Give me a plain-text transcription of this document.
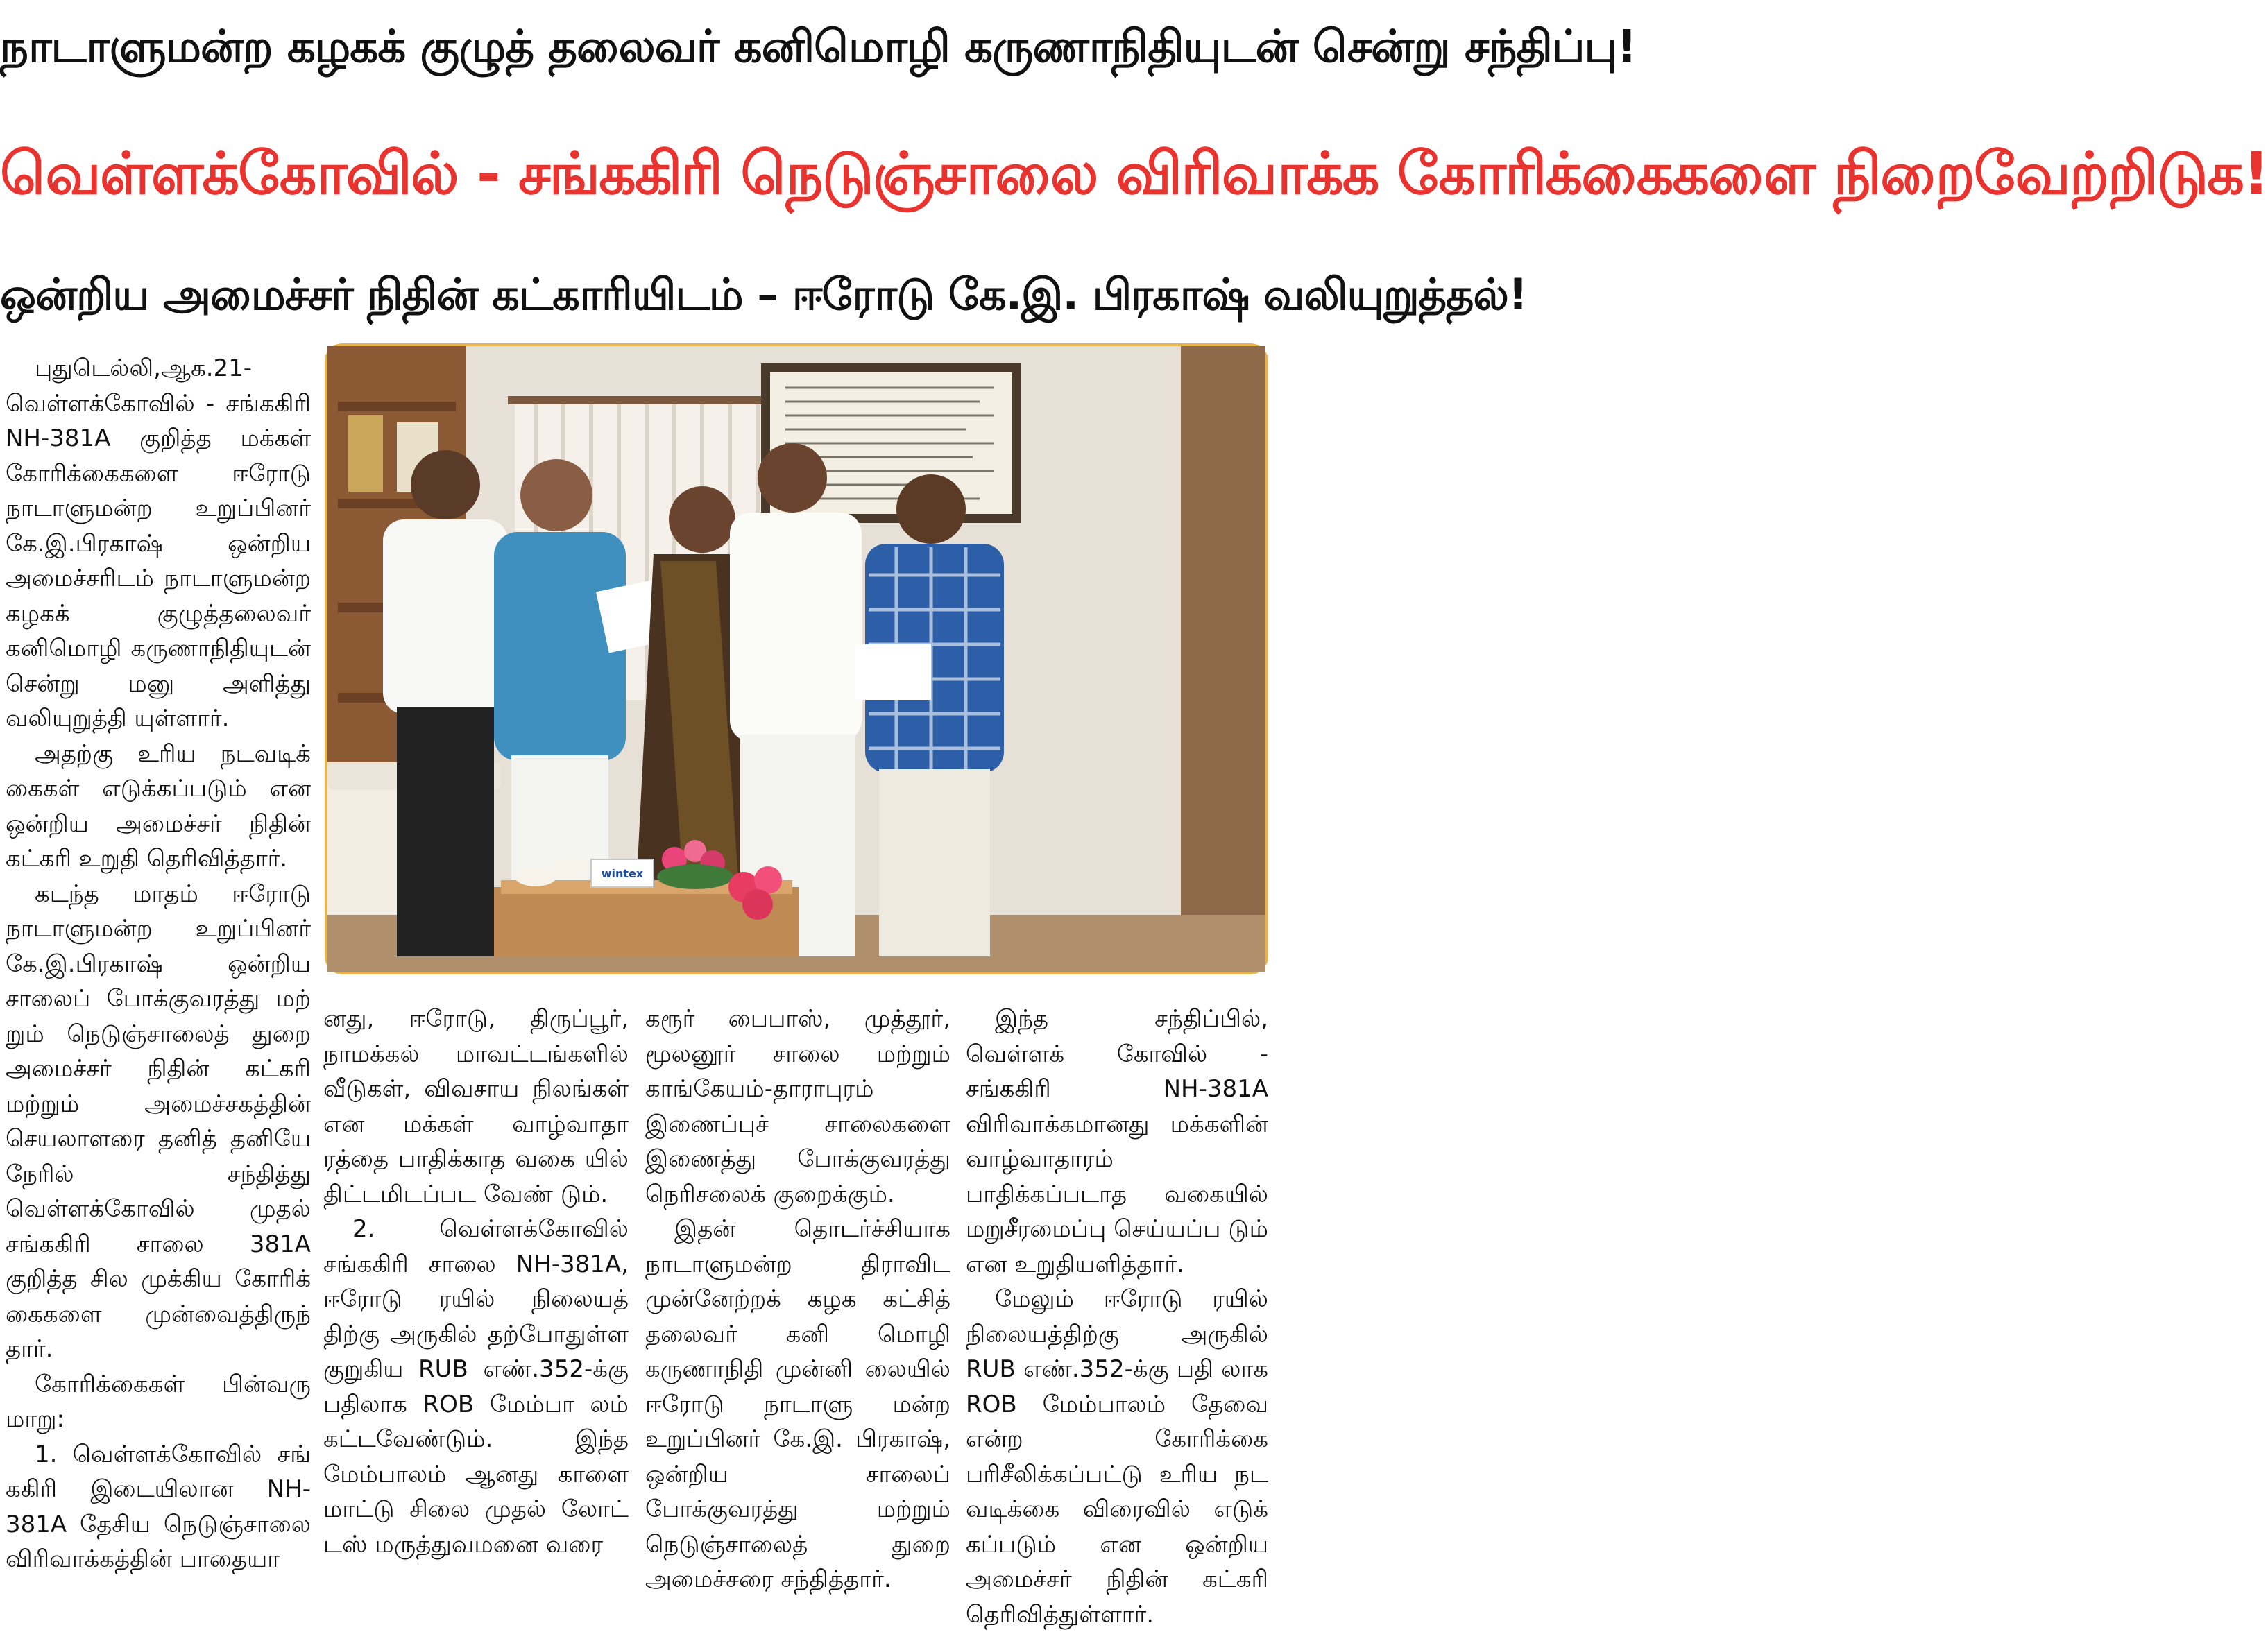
நாடாளுமன்ற கழகக் குழுத் தலைவர் கனிமொழி கருணாநிதியுடன் சென்று சந்திப்பு!
வெள்ளக்கோவில் - சங்ககிரி நெடுஞ்சாலை விரிவாக்க கோரிக்கைகளை நிறைவேற்றிடுக!
ஒன்றிய அமைச்சர் நிதின் கட்காரியிடம் – ஈரோடு கே.இ. பிரகாஷ் வலியுறுத்தல்!
wintex

புதுடெல்லி,ஆக.21- வெள்ளக்கோவில் - சங்ககிரி NH-381A குறித்த மக்கள் கோரிக்கைகளை ஈரோடு நாடாளுமன்ற உறுப்பினர் கே.இ.பிரகாஷ் ஒன்றிய அமைச்சரிடம் நாடாளுமன்ற கழகக் குழுத்தலைவர் கனிமொழி கருணாநிதியுடன் சென்று மனு அளித்து வலியுறுத்தி யுள்ளார்.

அதற்கு உரிய நடவடிக் கைகள் எடுக்கப்படும் என ஒன்றிய அமைச்சர் நிதின் கட்கரி உறுதி தெரிவித்தார்.

கடந்த மாதம் ஈரோடு நாடாளுமன்ற உறுப்பினர் கே.இ.பிரகாஷ் ஒன்றிய சாலைப் போக்குவரத்து மற் றும் நெடுஞ்சாலைத் துறை அமைச்சர் நிதின் கட்கரி மற்றும் அமைச்சகத்தின் செயலாளரை தனித் தனியே நேரில் சந்தித்து வெள்ளக்கோவில் முதல் சங்ககிரி சாலை 381A குறித்த சில முக்கிய கோரிக் கைகளை முன்வைத்திருந் தார்.

கோரிக்கைகள் பின்வரு மாறு:

1. வெள்ளக்கோவில் சங் ககிரி இடையிலான NH-381A தேசிய நெடுஞ்சாலை விரிவாக்கத்தின் பாதையா

னது, ஈரோடு, திருப்பூர், நாமக்கல் மாவட்டங்களில் வீடுகள், விவசாய நிலங்கள் என மக்கள் வாழ்வாதா ரத்தை பாதிக்காத வகை யில் திட்டமிடப்பட வேண் டும்.

2. வெள்ளக்கோவில் சங்ககிரி சாலை NH-381A, ஈரோடு ரயில் நிலையத் திற்கு அருகில் தற்போதுள்ள குறுகிய RUB எண்.352-க்கு பதிலாக ROB மேம்பா லம் கட்டவேண்டும். இந்த மேம்பாலம் ஆனது காளை மாட்டு சிலை முதல் லோட் டஸ் மருத்துவமனை வரை

கரூர் பைபாஸ், முத்தூர், மூலனூர் சாலை மற்றும் காங்கேயம்-தாராபுரம் இணைப்புச் சாலைகளை இணைத்து போக்குவரத்து நெரிசலைக் குறைக்கும்.

இதன் தொடர்ச்சியாக நாடாளுமன்ற திராவிட முன்னேற்றக் கழக கட்சித் தலைவர் கனி மொழி கருணாநிதி முன்னி லையில் ஈரோடு நாடாளு மன்ற உறுப்பினர் கே.இ. பிரகாஷ், ஒன்றிய சாலைப் போக்குவரத்து மற்றும் நெடுஞ்சாலைத் துறை அமைச்சரை சந்தித்தார்.

இந்த சந்திப்பில், வெள்ளக் கோவில் - சங்ககிரி NH-381A விரிவாக்கமானது மக்களின் வாழ்வாதாரம் பாதிக்கப்படாத வகையில் மறுசீரமைப்பு செய்யப்ப டும் என உறுதியளித்தார்.

மேலும் ஈரோடு ரயில் நிலையத்திற்கு அருகில் RUB எண்.352-க்கு பதி லாக ROB மேம்பாலம் தேவை என்ற கோரிக்கை பரிசீலிக்கப்பட்டு உரிய நட வடிக்கை விரைவில் எடுக் கப்படும் என ஒன்றிய அமைச்சர் நிதின் கட்கரி தெரிவித்துள்ளார்.
